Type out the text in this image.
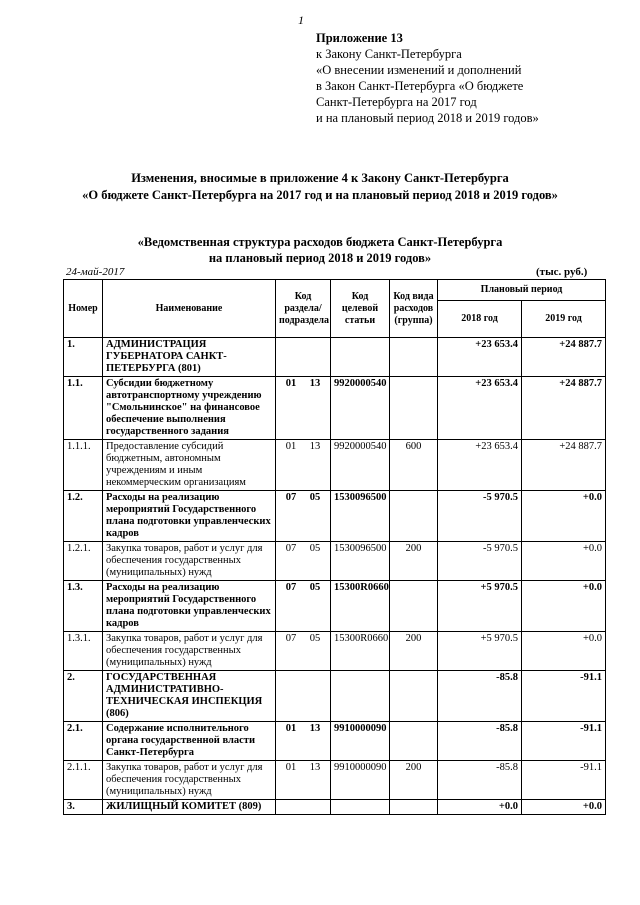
1
Приложение 13
к Закону Санкт-Петербурга
«О внесении изменений и дополнений
в Закон Санкт-Петербурга «О бюджете
Санкт-Петербурга на 2017 год
и на плановый период 2018 и 2019 годов»
Изменения, вносимые в приложение 4 к Закону Санкт-Петербурга
«О бюджете Санкт-Петербурга на 2017 год и на плановый период 2018 и 2019 годов»
«Ведомственная структура расходов бюджета Санкт-Петербурга
на плановый период 2018 и 2019 годов»
24-май-2017	(тыс. руб.)
Номер	Наименование	Код раздела/ подраздела	Код целевой статьи	Код вида расходов (группа)	Плановый период	
					2018 год	2019 год
1.	АДМИНИСТРАЦИЯ ГУБЕРНАТОРА САНКТ-ПЕТЕРБУРГА (801)				+23 653.4	+24 887.7
1.1.	Субсидии бюджетному автотранспортному учреждению "Смольнинское" на финансовое обеспечение выполнения государственного задания	01 13	9920000540		+23 653.4	+24 887.7
1.1.1.	Предоставление субсидий бюджетным, автономным учреждениям и иным некоммерческим организациям	01 13	9920000540	600	+23 653.4	+24 887.7
1.2.	Расходы на реализацию мероприятий Государственного плана подготовки управленческих кадров	07 05	1530096500		-5 970.5	+0.0
1.2.1.	Закупка товаров, работ и услуг для обеспечения государственных (муниципальных) нужд	07 05	1530096500	200	-5 970.5	+0.0
1.3.	Расходы на реализацию мероприятий Государственного плана подготовки управленческих кадров	07 05	15300R0660		+5 970.5	+0.0
1.3.1.	Закупка товаров, работ и услуг для обеспечения государственных (муниципальных) нужд	07 05	15300R0660	200	+5 970.5	+0.0
2.	ГОСУДАРСТВЕННАЯ АДМИНИСТРАТИВНО-ТЕХНИЧЕСКАЯ ИНСПЕКЦИЯ (806)				-85.8	-91.1
2.1.	Содержание исполнительного органа государственной власти Санкт-Петербурга	01 13	9910000090		-85.8	-91.1
2.1.1.	Закупка товаров, работ и услуг для обеспечения государственных (муниципальных) нужд	01 13	9910000090	200	-85.8	-91.1
3.	ЖИЛИЩНЫЙ КОМИТЕТ (809)				+0.0	+0.0
